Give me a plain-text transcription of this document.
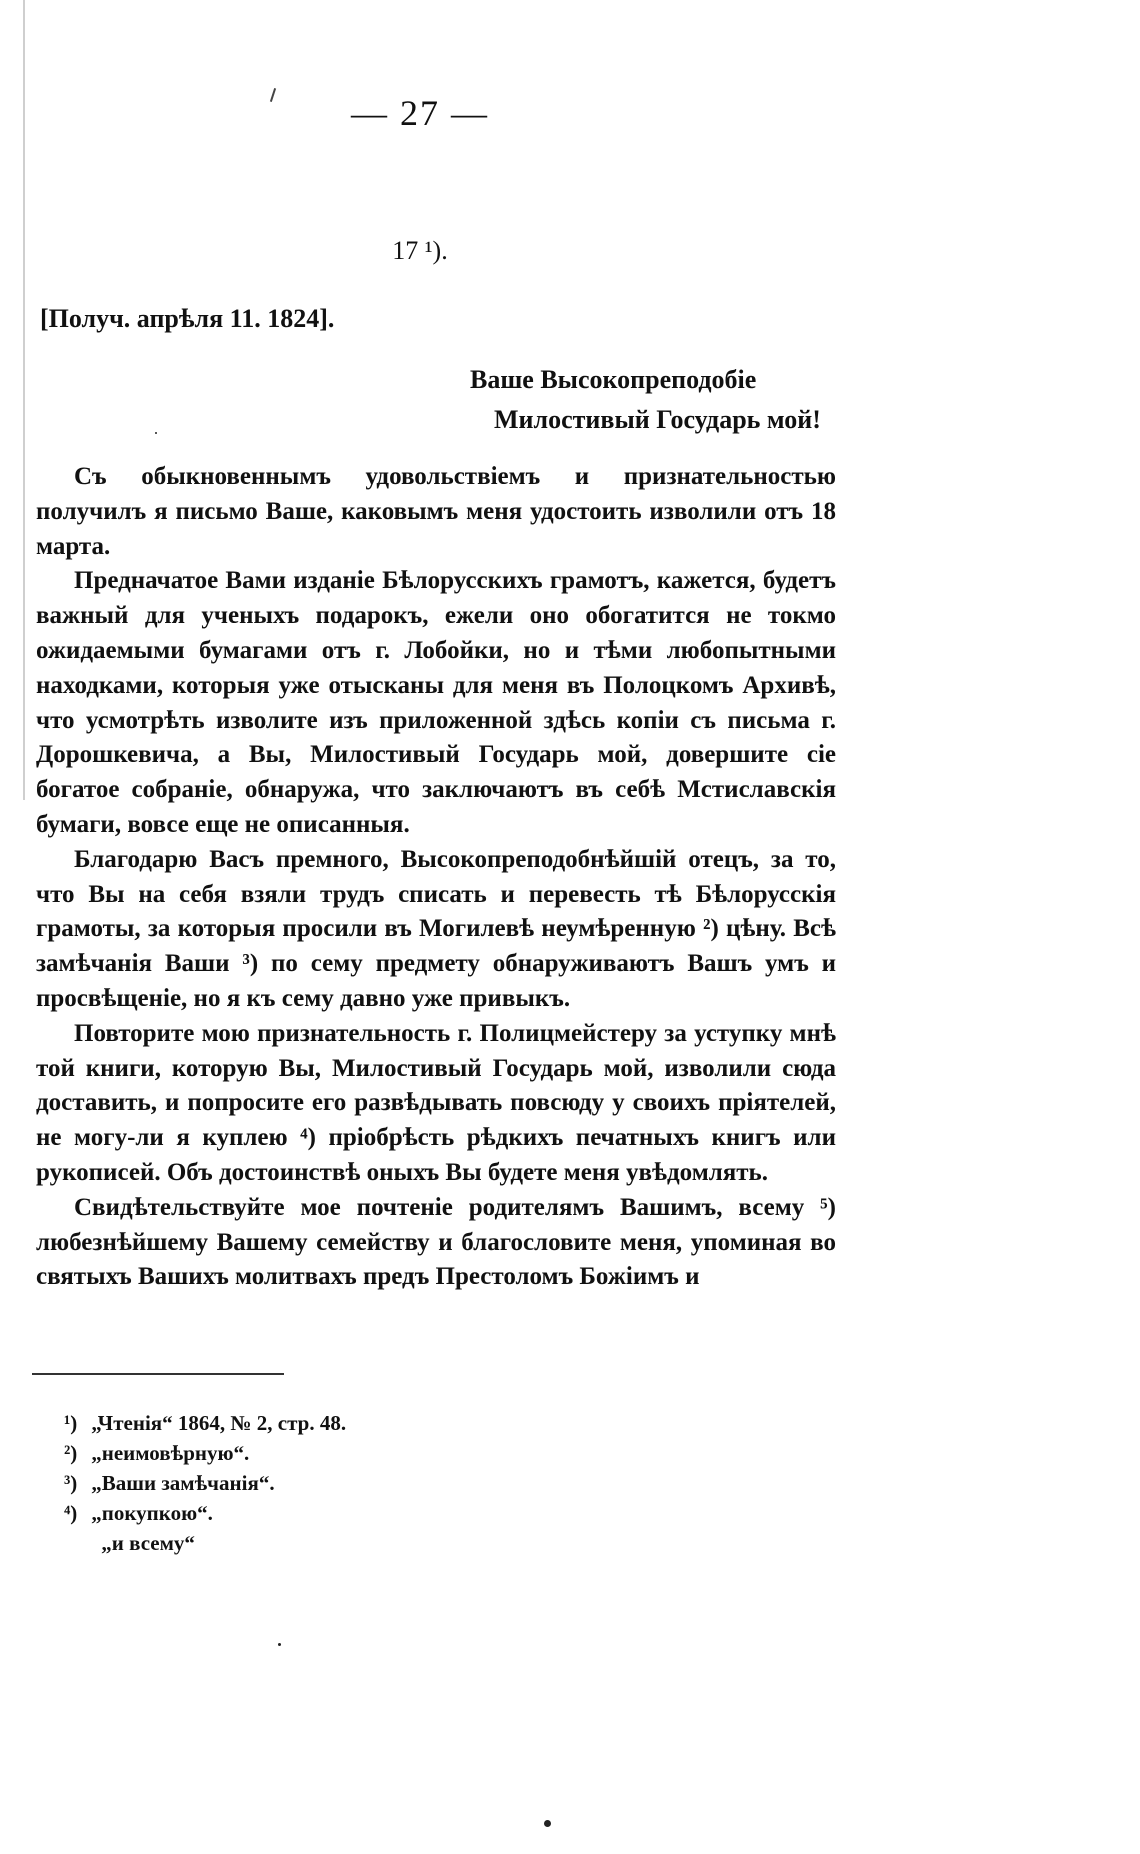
— 27 —
17 ¹).
[Получ. апрѣля 11. 1824].
Ваше Высокопреподобіе
Милостивый Государь мой!

Съ обыкновеннымъ удовольствіемъ и признательностью получилъ я письмо Ваше, каковымъ меня удостоить изволили отъ 18 марта.

Предначатое Вами изданіе Бѣлорусскихъ грамотъ, кажется, будетъ важный для ученыхъ подарокъ, ежели оно обогатится не токмо ожидаемыми бумагами отъ г. Лобойки, но и тѣми любопытными находками, которыя уже отысканы для меня въ Полоцкомъ Архивѣ, что усмотрѣть изволите изъ приложенной здѣсь копіи съ письма г. Дорошкевича, а Вы, Милостивый Государь мой, довершите сіе богатое собраніе, обнаружа, что заключаютъ въ себѣ Мстиславскія бумаги, вовсе еще не описанныя.

Благодарю Васъ премного, Высокопреподобнѣйшій отецъ, за то, что Вы на себя взяли трудъ списать и перевесть тѣ Бѣлорусскія грамоты, за которыя просили въ Могилевѣ неумѣренную ²) цѣну. Всѣ замѣчанія Ваши ³) по сему предмету обнаруживаютъ Вашъ умъ и просвѣщеніе, но я къ сему давно уже привыкъ.

Повторите мою признательность г. Полицмейстеру за уступку мнѣ той книги, которую Вы, Милостивый Государь мой, изволили сюда доставить, и попросите его развѣдывать повсюду у своихъ пріятелей, не могу-ли я куплею ⁴) пріобрѣсть рѣдкихъ печатныхъ книгъ или рукописей. Объ достоинствѣ оныхъ Вы будете меня увѣдомлять.

Свидѣтельствуйте мое почтеніе родителямъ Вашимъ, всему ⁵) любезнѣйшему Вашему семейству и благословите меня, упоминая во святыхъ Вашихъ молитвахъ предъ Престоломъ Божіимъ и

¹) „Чтенія“ 1864, № 2, стр. 48.
²) „неимовѣрную“.
³) „Ваши замѣчанія“.
⁴) „покупкою“.
„и всему“
